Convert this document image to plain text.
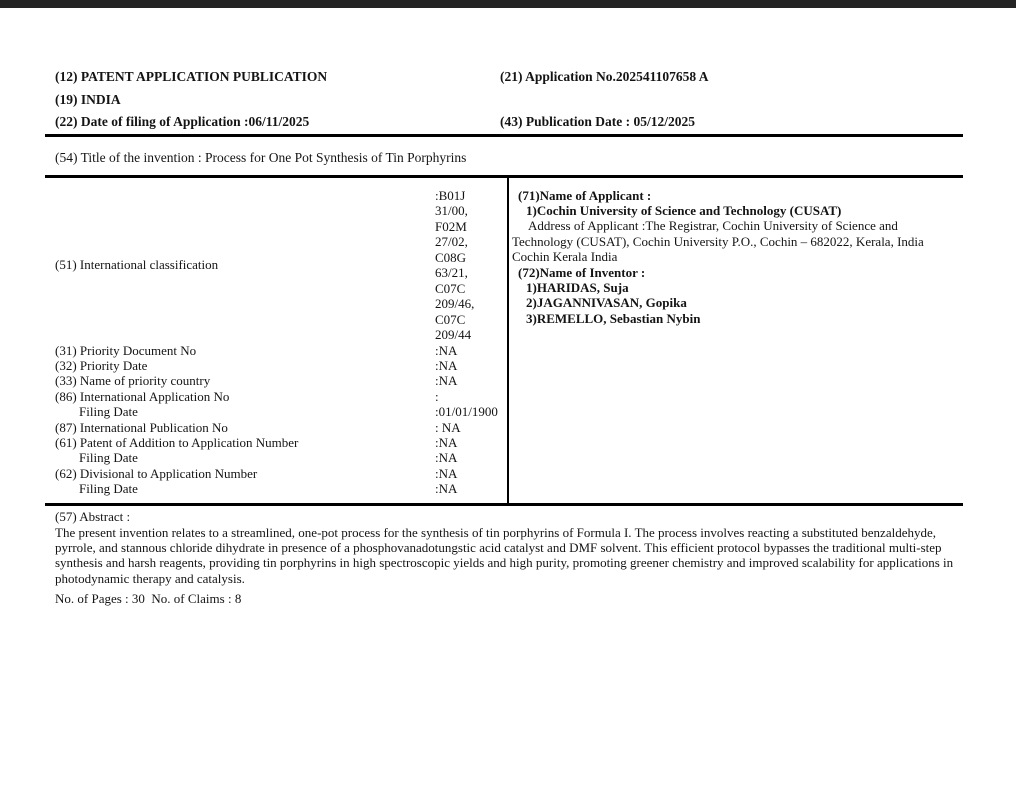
(12) PATENT APPLICATION PUBLICATION	(21) Application No.202541107658 A
(19) INDIA
(22) Date of filing of Application :06/11/2025	(43) Publication Date : 05/12/2025
(54) Title of the invention : Process for One Pot Synthesis of Tin Porphyrins
(51) International classification
:B01J 31/00, F02M 27/02, C08G 63/21, C07C 209/46, C07C 209/44
(31) Priority Document No	:NA
(32) Priority Date	:NA
(33) Name of priority country	:NA
(86) International Application No	:
Filing Date	:01/01/1900
(87) International Publication No	: NA
(61) Patent of Addition to Application Number	:NA
Filing Date	:NA
(62) Divisional to Application Number	:NA
Filing Date	:NA
(71)Name of Applicant :
1)Cochin University of Science and Technology (CUSAT)
Address of Applicant :The Registrar, Cochin University of Science and Technology (CUSAT), Cochin University P.O., Cochin – 682022, Kerala, India Cochin Kerala India
(72)Name of Inventor :
1)HARIDAS, Suja
2)JAGANNIVASAN, Gopika
3)REMELLO, Sebastian Nybin
(57) Abstract :
The present invention relates to a streamlined, one-pot process for the synthesis of tin porphyrins of Formula I. The process involves reacting a substituted benzaldehyde, pyrrole, and stannous chloride dihydrate in presence of a phosphovanadotungstic acid catalyst and DMF solvent. This efficient protocol bypasses the traditional multi-step synthesis and harsh reagents, providing tin porphyrins in high spectroscopic yields and high purity, promoting greener chemistry and improved scalability for applications in photodynamic therapy and catalysis.
No. of Pages : 30  No. of Claims : 8
